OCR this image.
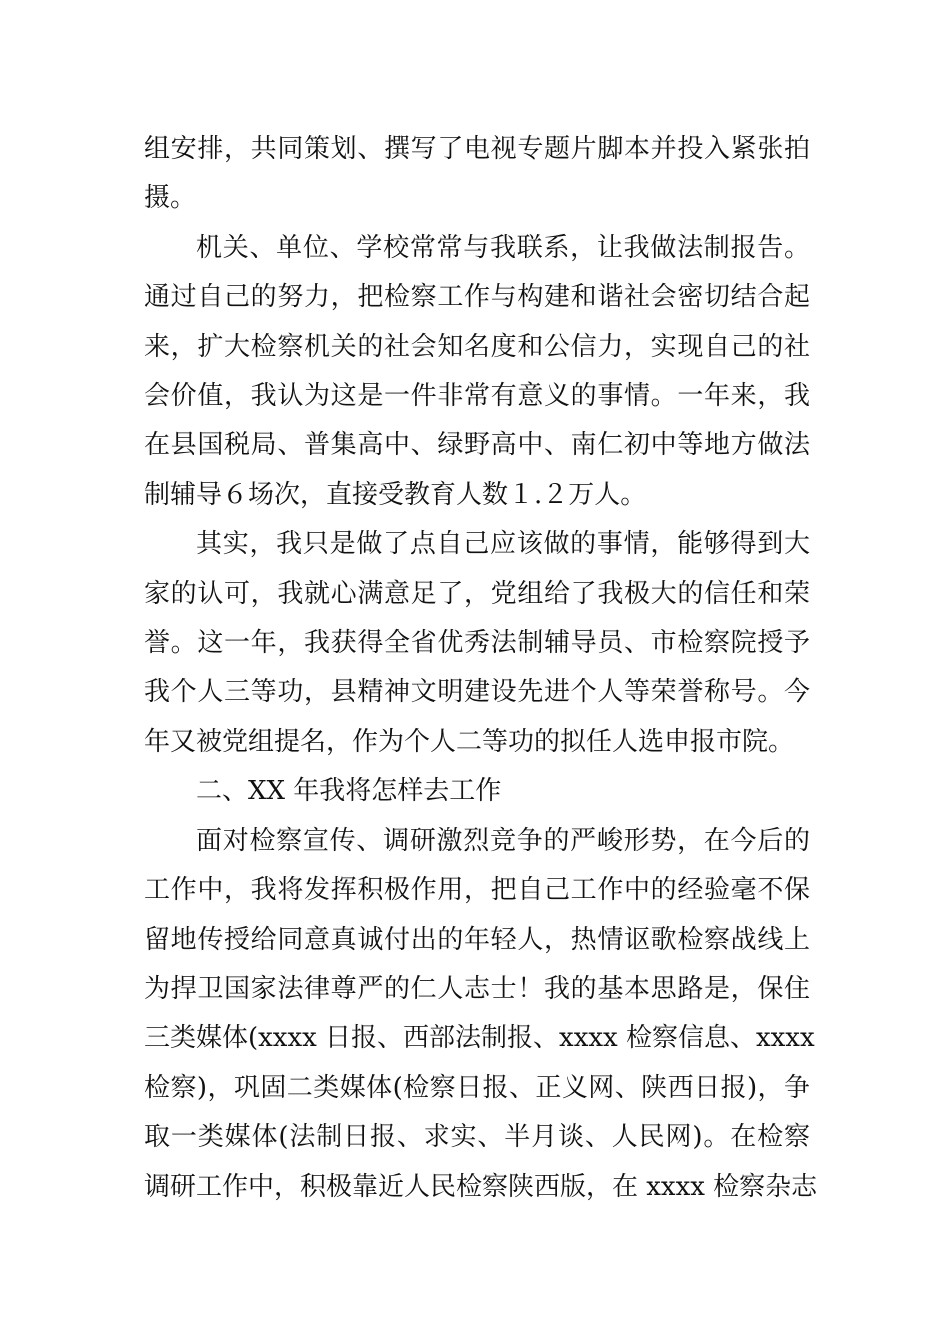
组安排，共同策划、撰写了电视专题片脚本并投入紧张拍
摄。

机关、单位、学校常常与我联系，让我做法制报告。
通过自己的努力，把检察工作与构建和谐社会密切结合起
来，扩大检察机关的社会知名度和公信力，实现自己的社
会价值，我认为这是一件非常有意义的事情。一年来，我
在县国税局、普集高中、绿野高中、南仁初中等地方做法
制辅导６场次，直接受教育人数１.２万人。

其实，我只是做了点自己应该做的事情，能够得到大
家的认可，我就心满意足了，党组给了我极大的信任和荣
誉。这一年，我获得全省优秀法制辅导员、市检察院授予
我个人三等功，县精神文明建设先进个人等荣誉称号。今
年又被党组提名，作为个人二等功的拟任人选申报市院。

二、XX 年我将怎样去工作

面对检察宣传、调研激烈竞争的严峻形势，在今后的
工作中，我将发挥积极作用，把自己工作中的经验毫不保
留地传授给同意真诚付出的年轻人，热情讴歌检察战线上
为捍卫国家法律尊严的仁人志士！我的基本思路是，保住
三类媒体(xxxx 日报、西部法制报、xxxx 检察信息、xxxx
检察)，巩固二类媒体(检察日报、正义网、陕西日报)，争
取一类媒体(法制日报、求实、半月谈、人民网)。在检察
调研工作中，积极靠近人民检察陕西版，在 xxxx 检察杂志
